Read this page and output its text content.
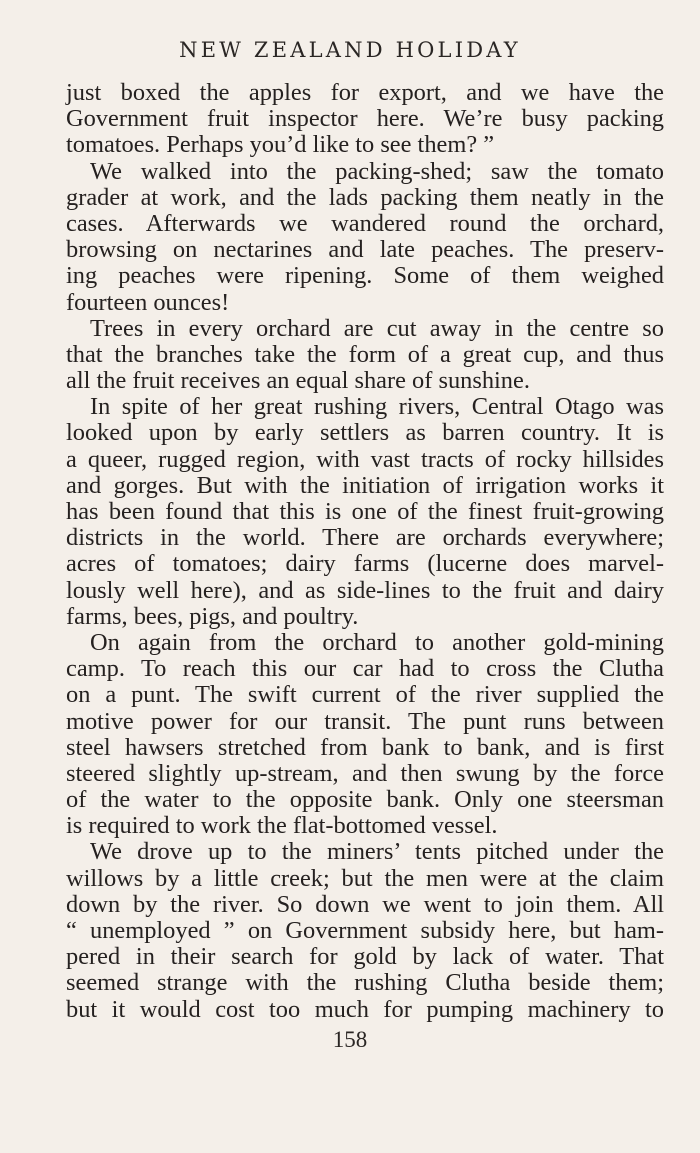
NEW ZEALAND HOLIDAY
just boxed the apples for export, and we have the
Government fruit inspector here. We’re busy packing
tomatoes. Perhaps you’d like to see them? ”
We walked into the packing-shed; saw the tomato
grader at work, and the lads packing them neatly in the
cases. Afterwards we wandered round the orchard,
browsing on nectarines and late peaches. The preserv-
ing peaches were ripening. Some of them weighed
fourteen ounces!
Trees in every orchard are cut away in the centre so
that the branches take the form of a great cup, and thus
all the fruit receives an equal share of sunshine.
In spite of her great rushing rivers, Central Otago was
looked upon by early settlers as barren country. It is
a queer, rugged region, with vast tracts of rocky hillsides
and gorges. But with the initiation of irrigation works it
has been found that this is one of the finest fruit-growing
districts in the world. There are orchards everywhere;
acres of tomatoes; dairy farms (lucerne does marvel-
lously well here), and as side-lines to the fruit and dairy
farms, bees, pigs, and poultry.
On again from the orchard to another gold-mining
camp. To reach this our car had to cross the Clutha
on a punt. The swift current of the river supplied the
motive power for our transit. The punt runs between
steel hawsers stretched from bank to bank, and is first
steered slightly up-stream, and then swung by the force
of the water to the opposite bank. Only one steersman
is required to work the flat-bottomed vessel.
We drove up to the miners’ tents pitched under the
willows by a little creek; but the men were at the claim
down by the river. So down we went to join them. All
“ unemployed ” on Government subsidy here, but ham-
pered in their search for gold by lack of water. That
seemed strange with the rushing Clutha beside them;
but it would cost too much for pumping machinery to
158
